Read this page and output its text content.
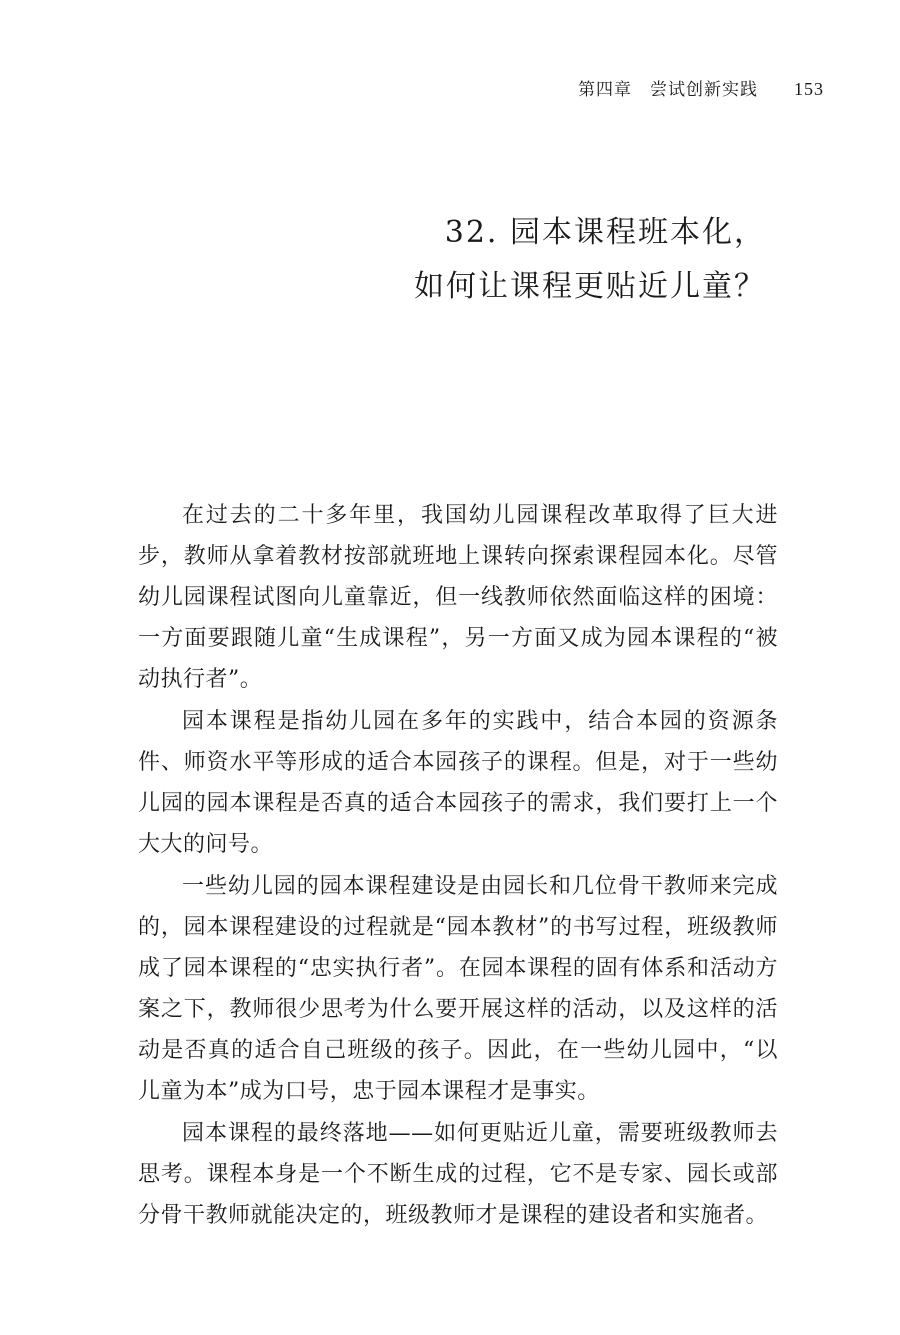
第四章 尝试创新实践 153
32. 园本课程班本化，
如何让课程更贴近儿童？

在过去的二十多年里，我国幼儿园课程改革取得了巨大进步，教师从拿着教材按部就班地上课转向探索课程园本化。尽管幼儿园课程试图向儿童靠近，但一线教师依然面临这样的困境：一方面要跟随儿童“生成课程”，另一方面又成为园本课程的“被动执行者”。

园本课程是指幼儿园在多年的实践中，结合本园的资源条件、师资水平等形成的适合本园孩子的课程。但是，对于一些幼儿园的园本课程是否真的适合本园孩子的需求，我们要打上一个大大的问号。

一些幼儿园的园本课程建设是由园长和几位骨干教师来完成的，园本课程建设的过程就是“园本教材”的书写过程，班级教师成了园本课程的“忠实执行者”。在园本课程的固有体系和活动方案之下，教师很少思考为什么要开展这样的活动，以及这样的活动是否真的适合自己班级的孩子。因此，在一些幼儿园中，“以儿童为本”成为口号，忠于园本课程才是事实。

园本课程的最终落地——如何更贴近儿童，需要班级教师去思考。课程本身是一个不断生成的过程，它不是专家、园长或部分骨干教师就能决定的，班级教师才是课程的建设者和实施者。
